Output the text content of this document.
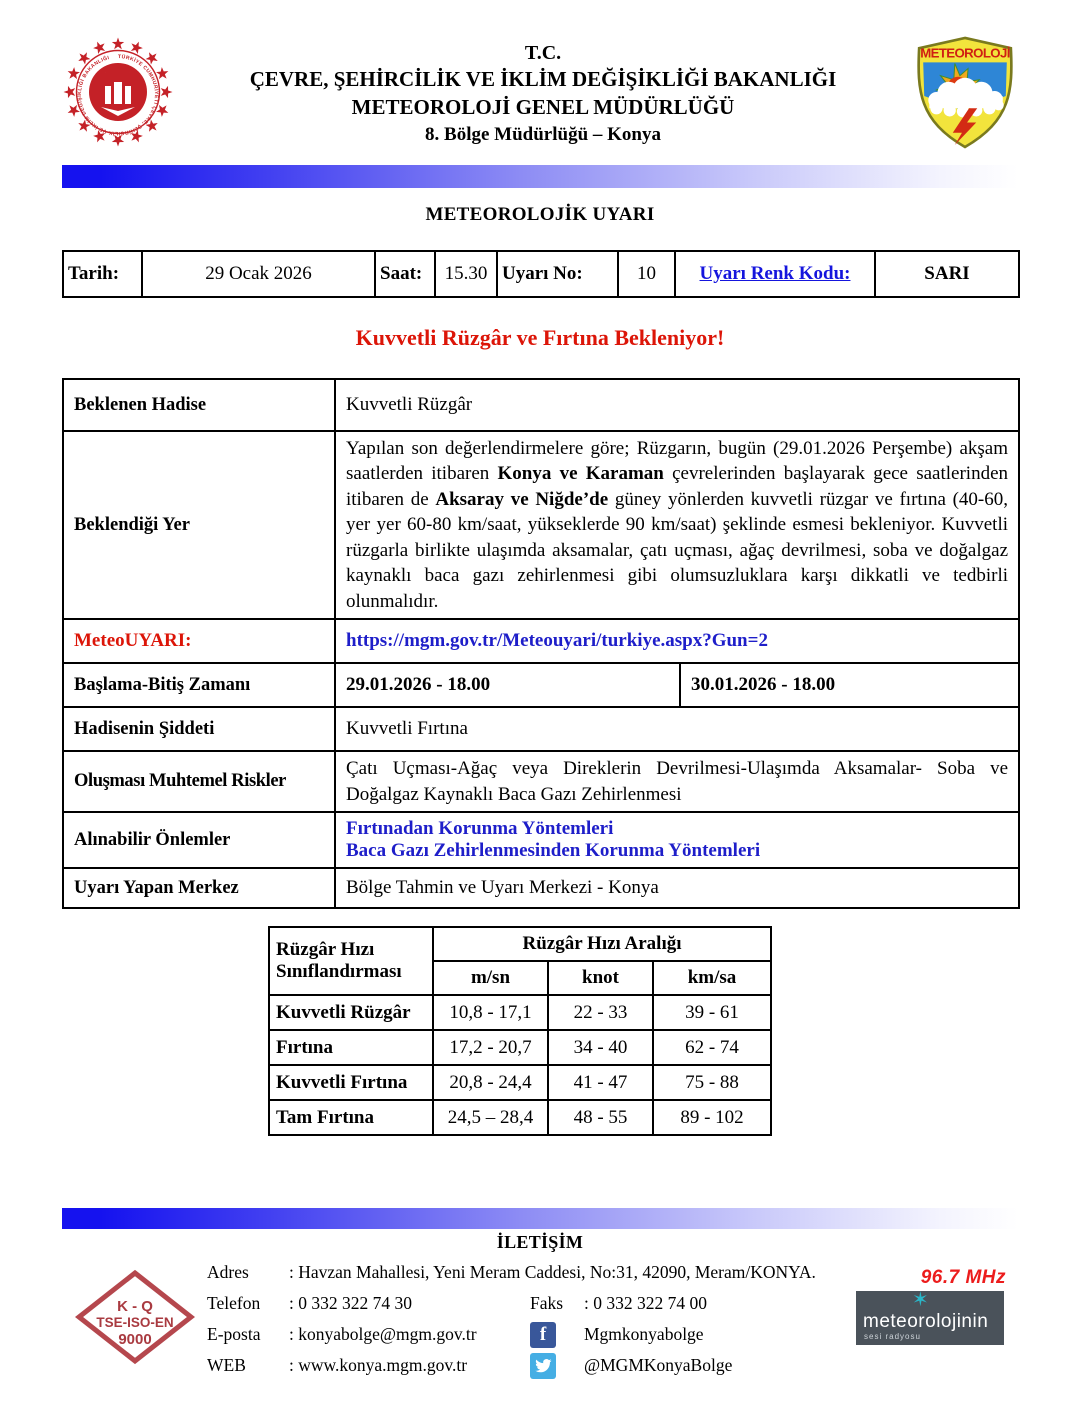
TÜRKİYE CUMHURİYETİ ÇEVRE, ŞEHİRCİLİK VE İKLİM DEĞİŞİKLİĞİ BAKANLIĞI	T.C.
ÇEVRE, ŞEHİRCİLİK VE İKLİM DEĞİŞİKLİĞİ BAKANLIĞI
METEOROLOJİ GENEL MÜDÜRLÜĞÜ
8. Bölge Müdürlüğü – Konya
METEOROLOJİ
METEOROLOJİK UYARI
Tarih:	29 Ocak 2026	Saat:	15.30	Uyarı No:	10	Uyarı Renk Kodu:	SARI
Kuvvetli Rüzgâr ve Fırtına Bekleniyor!
Beklenen Hadise	Kuvvetli Rüzgâr	
Beklendiği Yer	Yapılan son değerlendirmelere göre; Rüzgarın, bugün (29.01.2026 Perşembe) akşam saatlerden itibaren Konya ve Karaman çevrelerinden başlayarak gece saatlerinden itibaren de Aksaray ve Niğde’de güney yönlerden kuvvetli rüzgar ve fırtına (40-60, yer yer 60-80 km/saat, yükseklerde 90 km/saat) şeklinde esmesi bekleniyor. Kuvvetli rüzgarla birlikte ulaşımda aksamalar, çatı uçması, ağaç devrilmesi, soba ve doğalgaz kaynaklı baca gazı zehirlenmesi gibi olumsuzluklara karşı dikkatli ve tedbirli olunmalıdır.	
MeteoUYARI:	https://mgm.gov.tr/Meteouyari/turkiye.aspx?Gun=2	
Başlama-Bitiş Zamanı	29.01.2026 - 18.00	30.01.2026 - 18.00
Hadisenin Şiddeti	Kuvvetli Fırtına	
Oluşması Muhtemel Riskler	Çatı Uçması-Ağaç veya Direklerin Devrilmesi-Ulaşımda Aksamalar- Soba ve Doğalgaz Kaynaklı Baca Gazı Zehirlenmesi	
Alınabilir Önlemler	Fırtınadan Korunma Yöntemleri
Baca Gazı Zehirlenmesinden Korunma Yöntemleri	

Uyarı Yapan Merkez	Bölge Tahmin ve Uyarı Merkezi - Konya	
Rüzgâr Hızı Sınıflandırması	Rüzgâr Hızı Aralığı		
	m/sn	knot	km/sa
Kuvvetli Rüzgâr	10,8 - 17,1	22 - 33	39 - 61
Fırtına	17,2 - 20,7	34 - 40	62 - 74
Kuvvetli Fırtına	20,8 - 24,4	41 - 47	75 - 88
Tam Fırtına	24,5 – 28,4	48 - 55	89 - 102
İLETİŞİM
K - Q
TSE-ISO-EN
9000
Adres	: Havzan Mahallesi, Yeni Meram Caddesi, No:31, 42090, Meram/KONYA.
Telefon	: 0 332 322 74 30	Faks	: 0 332 322 74 00
E-posta	: konyabolge@mgm.gov.tr	f	Mgmkonyabolge
WEB	: www.konya.mgm.gov.tr	@MGMKonyaBolge
96.7 MHz
✶
meteorolojinin
sesi radyosu
